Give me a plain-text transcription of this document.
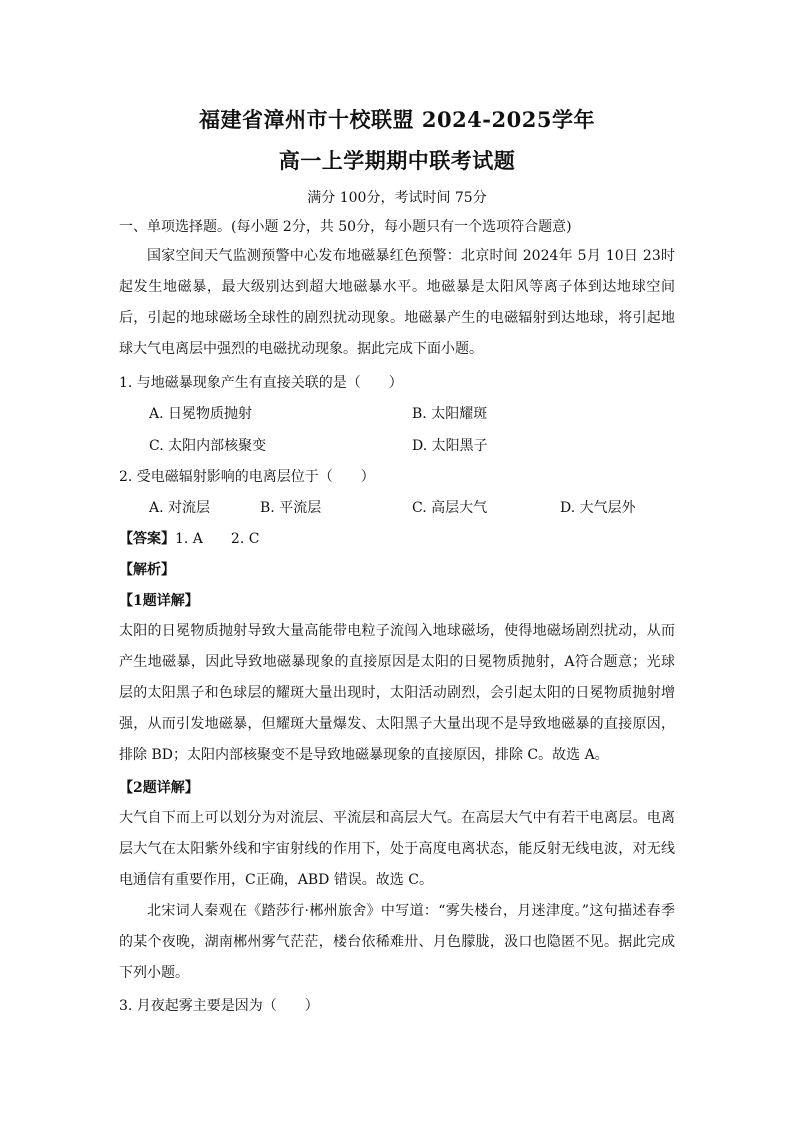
福建省漳州市十校联盟 2024-2025学年
高一上学期期中联考试题
满分 100分，考试时间 75分
一、单项选择题。(每小题 2分，共 50分，每小题只有一个选项符合题意)
国家空间天气监测预警中心发布地磁暴红色预警：北京时间 2024年 5月 10日 23时起发生地磁暴，最大级别达到超大地磁暴水平。地磁暴是太阳风等离子体到达地球空间后，引起的地球磁场全球性的剧烈扰动现象。地磁暴产生的电磁辐射到达地球，将引起地球大气电离层中强烈的电磁扰动现象。据此完成下面小题。
1. 与地磁暴现象产生有直接关联的是（　　）
A. 日冕物质抛射	B. 太阳耀斑
C. 太阳内部核聚变	D. 太阳黑子
2. 受电磁辐射影响的电离层位于（　　）
A. 对流层	B. 平流层	C. 高层大气	D. 大气层外
【答案】1. A　　2. C
【解析】
【1题详解】
太阳的日冕物质抛射导致大量高能带电粒子流闯入地球磁场，使得地磁场剧烈扰动，从而产生地磁暴，因此导致地磁暴现象的直接原因是太阳的日冕物质抛射，A符合题意；光球层的太阳黑子和色球层的耀斑大量出现时，太阳活动剧烈，会引起太阳的日冕物质抛射增强，从而引发地磁暴，但耀斑大量爆发、太阳黑子大量出现不是导致地磁暴的直接原因，排除 BD；太阳内部核聚变不是导致地磁暴现象的直接原因，排除 C。故选 A。
【2题详解】
大气自下而上可以划分为对流层、平流层和高层大气。在高层大气中有若干电离层。电离层大气在太阳紫外线和宇宙射线的作用下，处于高度电离状态，能反射无线电波，对无线电通信有重要作用，C正确，ABD 错误。故选 C。
北宋词人秦观在《踏莎行·郴州旅舍》中写道：“雾失楼台，月迷津度。”这句描述春季的某个夜晚，湖南郴州雾气茫茫，楼台依稀难卅、月色朦胧，汲口也隐匿不见。据此完成下列小题。
3. 月夜起雾主要是因为（　　）
